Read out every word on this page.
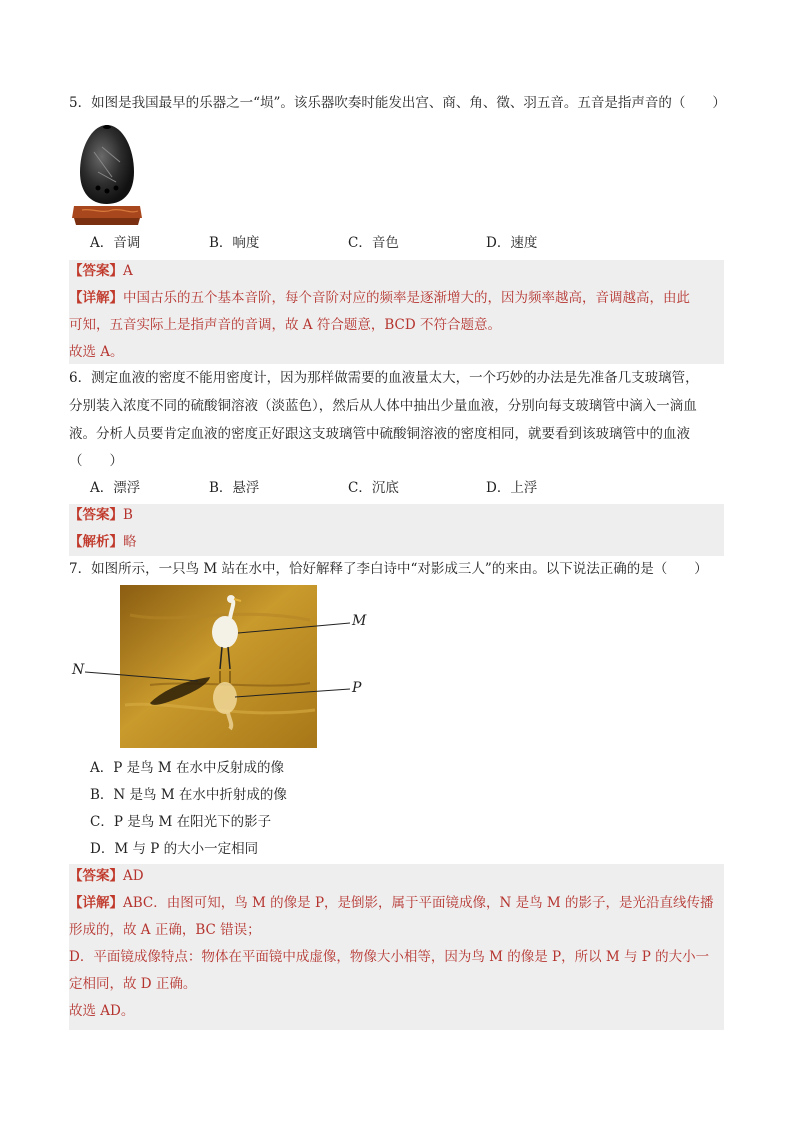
5．如图是我国最早的乐器之一“埙”。该乐器吹奏时能发出宫、商、角、徵、羽五音。五音是指声音的（　　）
A．音调	B．响度	C．音色	D．速度
【答案】A
【详解】中国古乐的五个基本音阶，每个音阶对应的频率是逐渐增大的，因为频率越高，音调越高，由此
可知，五音实际上是指声音的音调，故 A 符合题意，BCD 不符合题意。
故选 A。
6．测定血液的密度不能用密度计，因为那样做需要的血液量太大，一个巧妙的办法是先准备几支玻璃管，
分别装入浓度不同的硫酸铜溶液（淡蓝色），然后从人体中抽出少量血液，分别向每支玻璃管中滴入一滴血
液。分析人员要肯定血液的密度正好跟这支玻璃管中硫酸铜溶液的密度相同，就要看到该玻璃管中的血液
（　　）
A．漂浮	B．悬浮	C．沉底	D．上浮
【答案】B
【解析】略
7．如图所示，一只鸟 M 站在水中，恰好解释了李白诗中“对影成三人”的来由。以下说法正确的是（　　）
M
N
P
A．P 是鸟 M 在水中反射成的像
B．N 是鸟 M 在水中折射成的像
C．P 是鸟 M 在阳光下的影子
D．M 与 P 的大小一定相同
【答案】AD
【详解】ABC．由图可知，鸟 M 的像是 P，是倒影，属于平面镜成像，N 是鸟 M 的影子，是光沿直线传播
形成的，故 A 正确，BC 错误；
D．平面镜成像特点：物体在平面镜中成虚像，物像大小相等，因为鸟 M 的像是 P，所以 M 与 P 的大小一
定相同，故 D 正确。
故选 AD。
